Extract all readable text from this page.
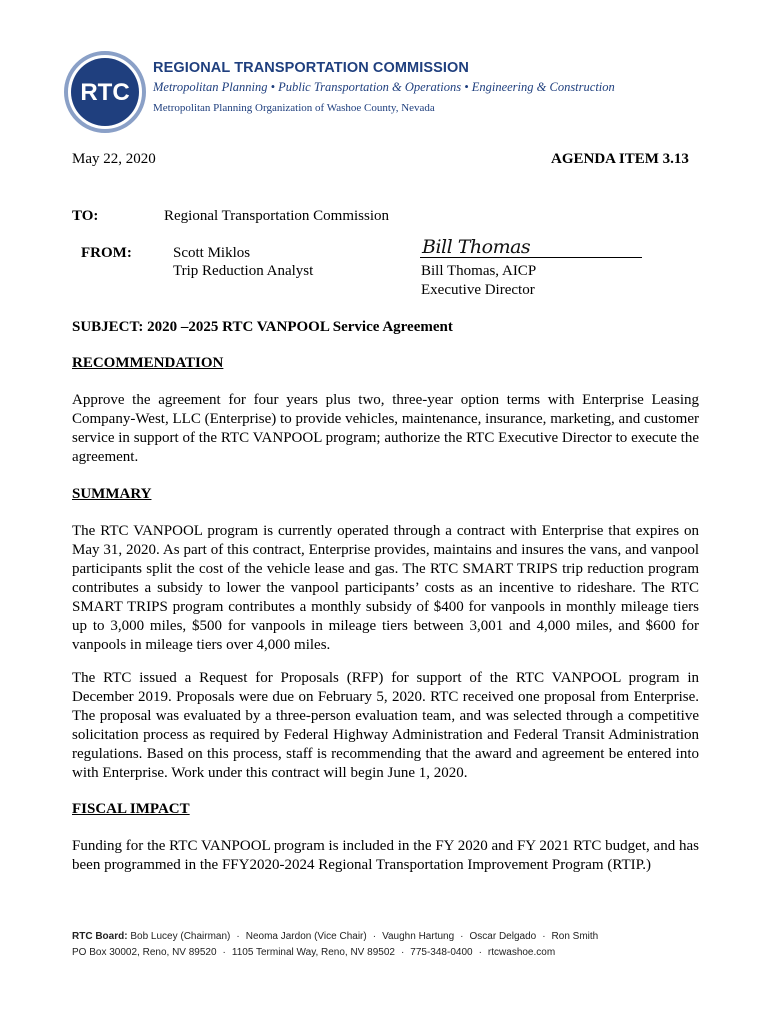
RTC
REGIONAL TRANSPORTATION COMMISSION
Metropolitan Planning • Public Transportation & Operations • Engineering & Construction
Metropolitan Planning Organization of Washoe County, Nevada
May 22, 2020	AGENDA ITEM 3.13
TO:	Regional Transportation Commission
FROM:	Scott Miklos
Trip Reduction Analyst
Bill Thomas
Bill Thomas, AICP
Executive Director
SUBJECT: 2020 –2025 RTC VANPOOL Service Agreement
RECOMMENDATION
Approve the agreement for four years plus two, three-year option terms with Enterprise Leasing Company-West, LLC (Enterprise) to provide vehicles, maintenance, insurance, marketing, and customer service in support of the RTC VANPOOL program; authorize the RTC Executive Director to execute the agreement.
SUMMARY
The RTC VANPOOL program is currently operated through a contract with Enterprise that expires on May 31, 2020. As part of this contract, Enterprise provides, maintains and insures the vans, and vanpool participants split the cost of the vehicle lease and gas. The RTC SMART TRIPS trip reduction program contributes a subsidy to lower the vanpool participants’ costs as an incentive to rideshare. The RTC SMART TRIPS program contributes a monthly subsidy of $400 for vanpools in monthly mileage tiers up to 3,000 miles, $500 for vanpools in mileage tiers between 3,001 and 4,000 miles, and $600 for vanpools in mileage tiers over 4,000 miles.
The RTC issued a Request for Proposals (RFP) for support of the RTC VANPOOL program in December 2019. Proposals were due on February 5, 2020. RTC received one proposal from Enterprise. The proposal was evaluated by a three-person evaluation team, and was selected through a competitive solicitation process as required by Federal Highway Administration and Federal Transit Administration regulations. Based on this process, staff is recommending that the award and agreement be entered into with Enterprise. Work under this contract will begin June 1, 2020.
FISCAL IMPACT
Funding for the RTC VANPOOL program is included in the FY 2020 and FY 2021 RTC budget, and has been programmed in the FFY2020-2024 Regional Transportation Improvement Program (RTIP.)
RTC Board: Bob Lucey (Chairman) · Neoma Jardon (Vice Chair) · Vaughn Hartung · Oscar Delgado · Ron Smith
PO Box 30002, Reno, NV 89520 · 1105 Terminal Way, Reno, NV 89502 · 775-348-0400 · rtcwashoe.com
